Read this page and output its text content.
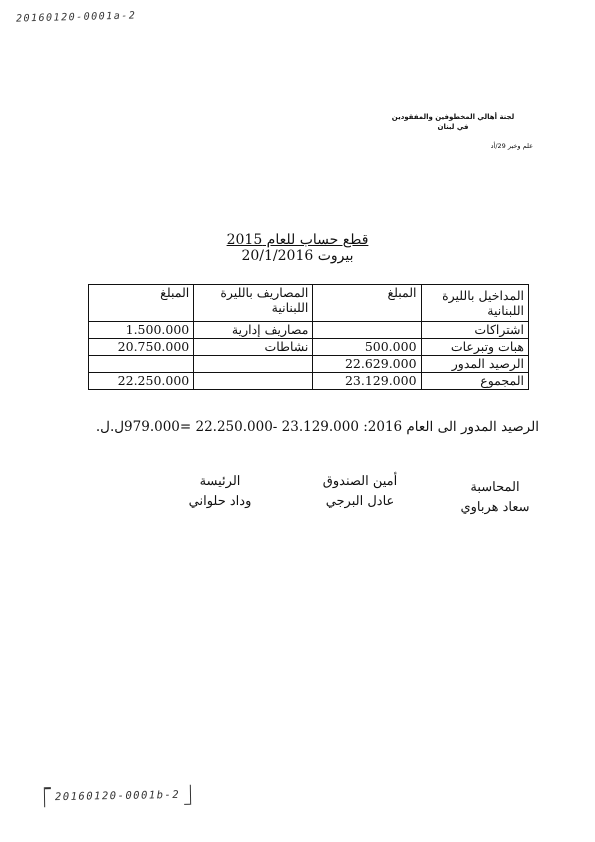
20160120-0001a-2
لجنة أهالي المخطوفين والمفقودين
في لبنان
علم وخبر 29/أد
قطع حساب للعام 2015
بيروت 20/1/2016
المداخيل بالليرة اللبنانية	المبلغ	المصاريف بالليرة اللبنانية	المبلغ
اشتراكات		مصاريف إدارية	1.500.000
هبات وتبرعات	500.000	نشاطات	20.750.000
الرصيد المدور	22.629.000		
المجموع	23.129.000		22.250.000
الرصيد المدور الى العام 2016: 23.129.000 -22.250.000 =979.000ل.ل.
المحاسبة
سعاد هرباوي
أمين الصندوق
عادل البرجي
الرئيسة
وداد حلواني
20160120-0001b-2
